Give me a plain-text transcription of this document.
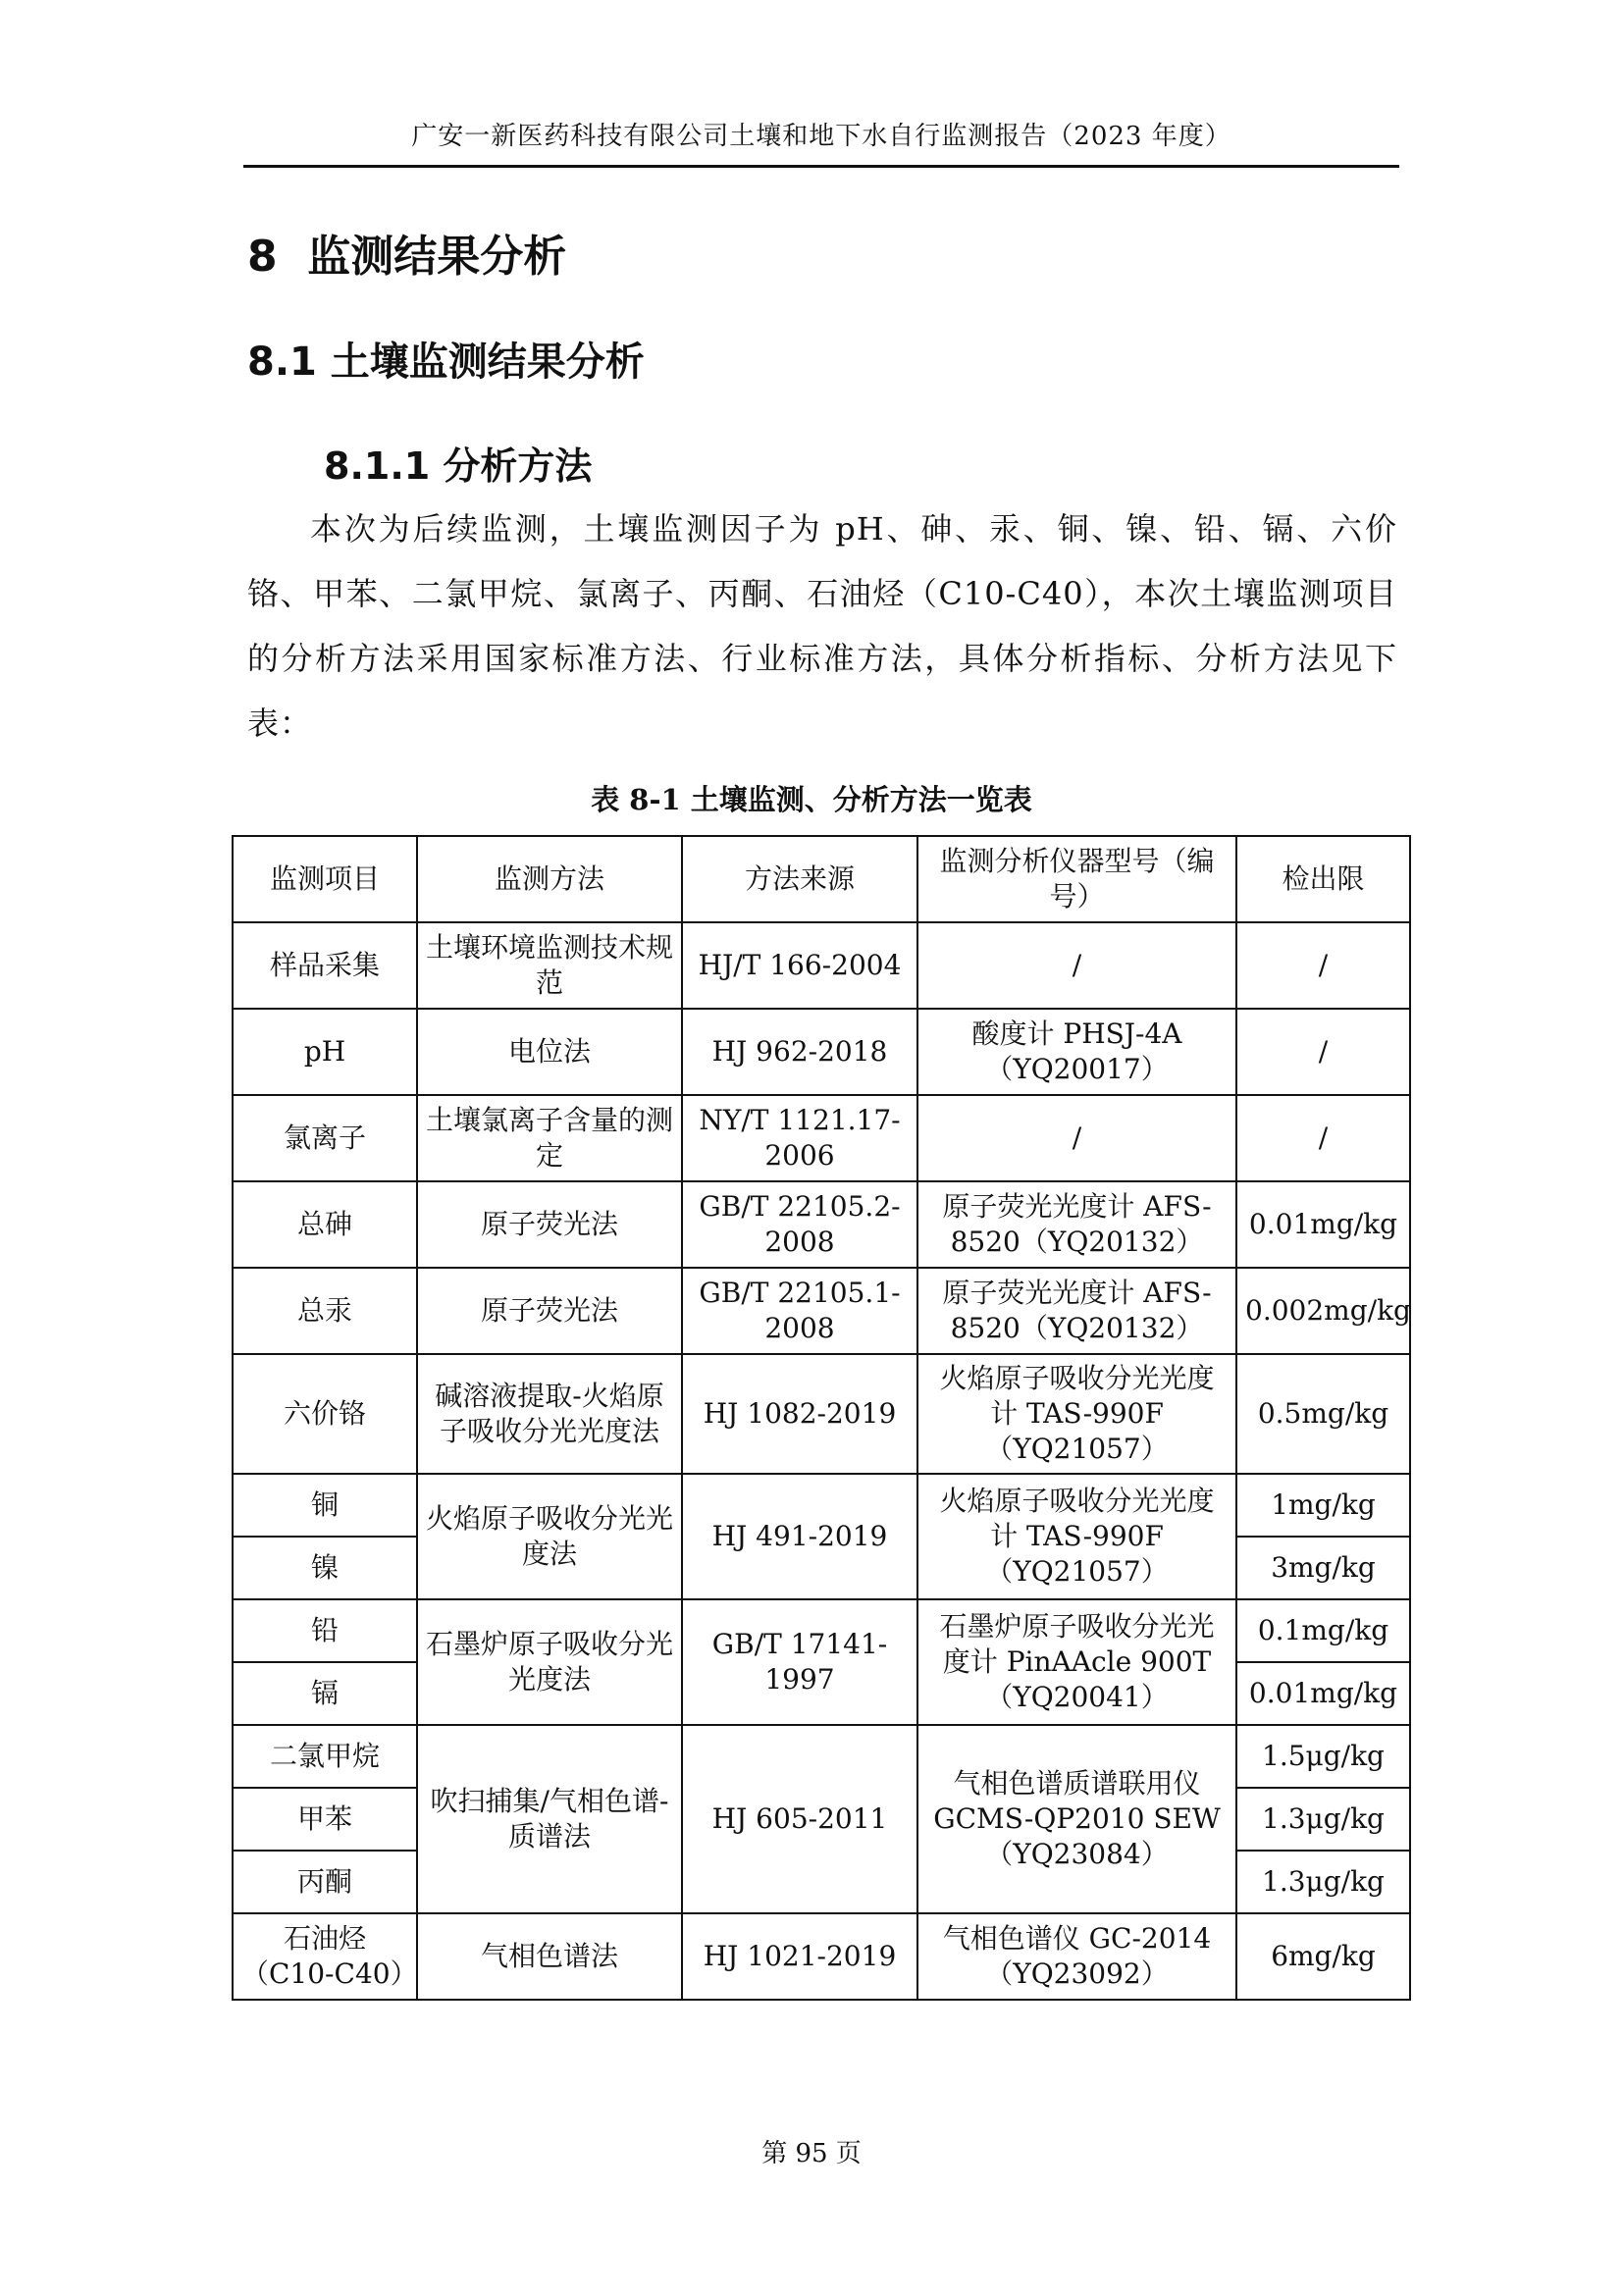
广安一新医药科技有限公司土壤和地下水自行监测报告（2023 年度）
8  监测结果分析
8.1 土壤监测结果分析
8.1.1 分析方法

本次为后续监测，土壤监测因子为 pH、砷、汞、铜、镍、铅、镉、六价铬、甲苯、二氯甲烷、氯离子、丙酮、石油烃（C10-C40），本次土壤监测项目的分析方法采用国家标准方法、行业标准方法，具体分析指标、分析方法见下表：

表 8-1 土壤监测、分析方法一览表
监测项目	监测方法	方法来源	监测分析仪器型号（编号）	检出限
样品采集	土壤环境监测技术规范	HJ/T 166-2004	/	/
pH	电位法	HJ 962-2018	酸度计 PHSJ-4A（YQ20017）	/
氯离子	土壤氯离子含量的测定	NY/T 1121.17-2006	/	/
总砷	原子荧光法	GB/T 22105.2-2008	原子荧光光度计 AFS-8520（YQ20132）	0.01mg/kg
总汞	原子荧光法	GB/T 22105.1-2008	原子荧光光度计 AFS-8520（YQ20132）	0.002mg/kg
六价铬	碱溶液提取-火焰原子吸收分光光度法	HJ 1082-2019	火焰原子吸收分光光度计 TAS-990F（YQ21057）	0.5mg/kg
铜	火焰原子吸收分光光度法	HJ 491-2019	火焰原子吸收分光光度计 TAS-990F（YQ21057）	1mg/kg
镍				3mg/kg
铅	石墨炉原子吸收分光光度法	GB/T 17141-1997	石墨炉原子吸收分光光度计 PinAAcle 900T（YQ20041）	0.1mg/kg
镉				0.01mg/kg
二氯甲烷	吹扫捕集/气相色谱-质谱法	HJ 605-2011	气相色谱质谱联用仪 GCMS-QP2010 SEW（YQ23084）	1.5μg/kg
甲苯				1.3μg/kg
丙酮				1.3μg/kg
石油烃（C10-C40）	气相色谱法	HJ 1021-2019	气相色谱仪 GC-2014（YQ23092）	6mg/kg
第 95 页
